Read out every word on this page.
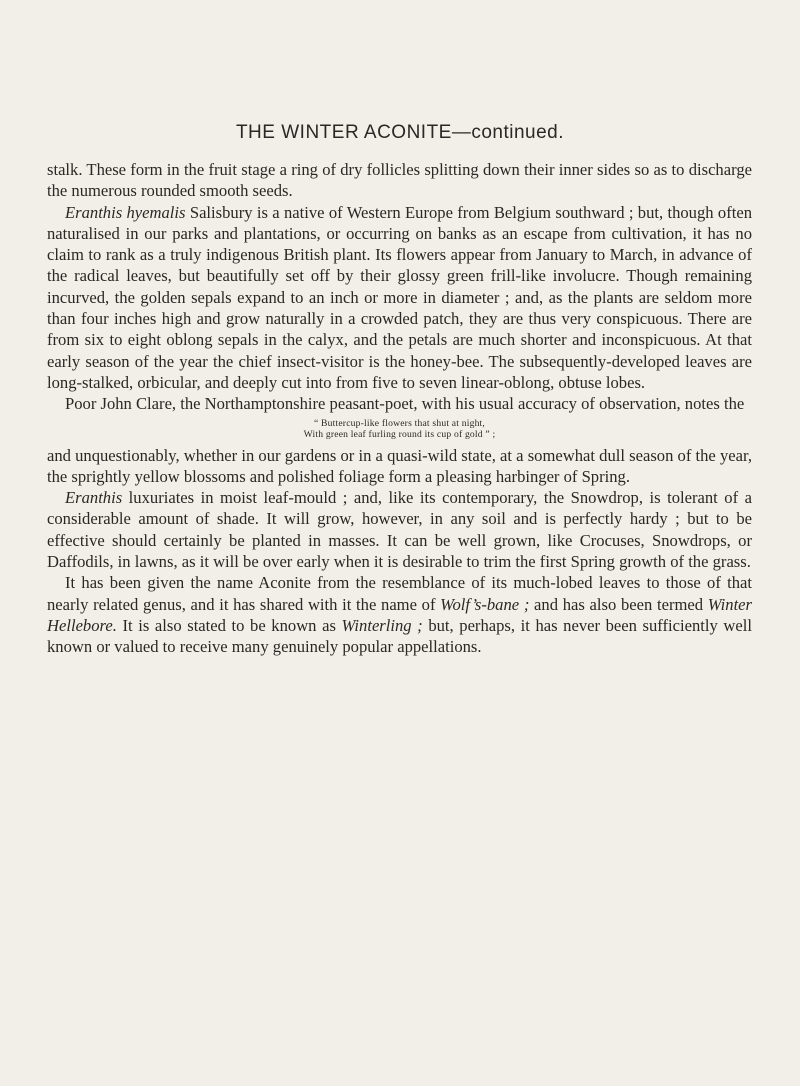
THE WINTER ACONITE—continued.

stalk. These form in the fruit stage a ring of dry follicles splitting down their inner sides so as to discharge the numerous rounded smooth seeds.

Eranthis hyemalis Salisbury is a native of Western Europe from Belgium southward ; but, though often naturalised in our parks and plantations, or occurring on banks as an escape from cultivation, it has no claim to rank as a truly indigenous British plant. Its flowers appear from January to March, in advance of the radical leaves, but beautifully set off by their glossy green frill-like involucre. Though remaining incurved, the golden sepals expand to an inch or more in diameter ; and, as the plants are seldom more than four inches high and grow naturally in a crowded patch, they are thus very conspicuous. There are from six to eight oblong sepals in the calyx, and the petals are much shorter and inconspicuous. At that early season of the year the chief insect-visitor is the honey-bee. The subsequently-developed leaves are long-stalked, orbicular, and deeply cut into from five to seven linear-oblong, obtuse lobes.

Poor John Clare, the Northamptonshire peasant-poet, with his usual accuracy of observation, notes the

“ Buttercup-like flowers that shut at night,
With green leaf furling round its cup of gold ” ;

and unquestionably, whether in our gardens or in a quasi-wild state, at a somewhat dull season of the year, the sprightly yellow blossoms and polished foliage form a pleasing harbinger of Spring.

Eranthis luxuriates in moist leaf-mould ; and, like its contemporary, the Snowdrop, is tolerant of a considerable amount of shade. It will grow, however, in any soil and is perfectly hardy ; but to be effective should certainly be planted in masses. It can be well grown, like Crocuses, Snowdrops, or Daffodils, in lawns, as it will be over early when it is desirable to trim the first Spring growth of the grass.

It has been given the name Aconite from the resemblance of its much-lobed leaves to those of that nearly related genus, and it has shared with it the name of Wolf’s-bane ; and has also been termed Winter Hellebore. It is also stated to be known as Winterling ; but, perhaps, it has never been sufficiently well known or valued to receive many genuinely popular appellations.
